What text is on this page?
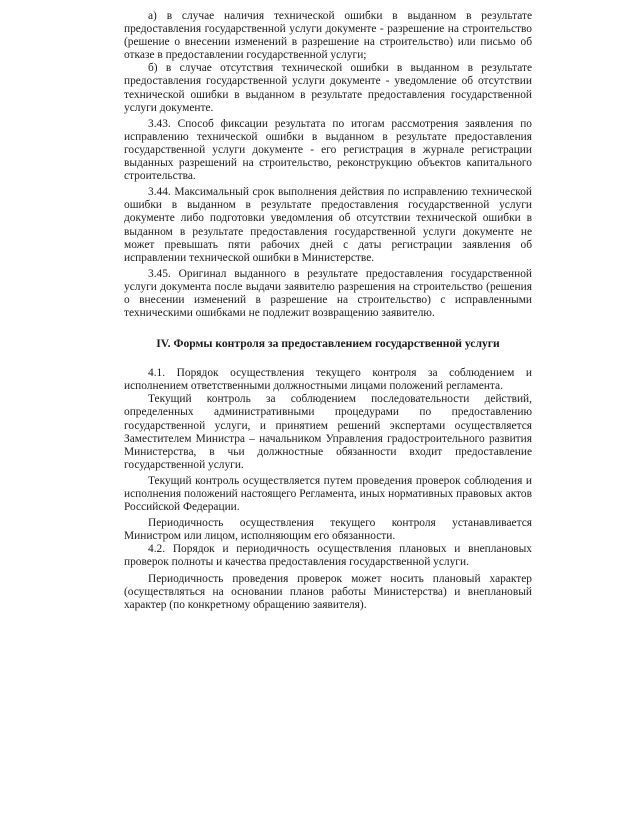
а) в случае наличия технической ошибки в выданном в результате предоставления государственной услуги документе - разрешение на строительство (решение о внесении изменений в разрешение на строительство) или письмо об отказе в предоставлении государственной услуги;

б) в случае отсутствия технической ошибки в выданном в результате предоставления государственной услуги документе - уведомление об отсутствии технической ошибки в выданном в результате предоставления государственной услуги документе.

3.43. Способ фиксации результата по итогам рассмотрения заявления по исправлению технической ошибки в выданном в результате предоставления государственной услуги документе - его регистрация в журнале регистрации выданных разрешений на строительство, реконструкцию объектов капитального строительства.

3.44. Максимальный срок выполнения действия по исправлению технической ошибки в выданном в результате предоставления государственной услуги документе либо подготовки уведомления об отсутствии технической ошибки в выданном в результате предоставления государственной услуги документе не может превышать пяти рабочих дней с даты регистрации заявления об исправлении технической ошибки в Министерстве.

3.45. Оригинал выданного в результате предоставления государственной услуги документа после выдачи заявителю разрешения на строительство (решения о внесении изменений в разрешение на строительство) с исправленными техническими ошибками не подлежит возвращению заявителю.

IV. Формы контроля за предоставлением государственной услуги

4.1. Порядок осуществления текущего контроля за соблюдением и исполнением ответственными должностными лицами положений регламента.

Текущий контроль за соблюдением последовательности действий, определенных административными процедурами по предоставлению государственной услуги, и принятием решений экспертами осуществляется Заместителем Министра – начальником Управления градостроительного развития Министерства, в чьи должностные обязанности входит предоставление государственной услуги.

Текущий контроль осуществляется путем проведения проверок соблюдения и исполнения положений настоящего Регламента, иных нормативных правовых актов Российской Федерации.

Периодичность осуществления текущего контроля устанавливается Министром или лицом, исполняющим его обязанности.

4.2. Порядок и периодичность осуществления плановых и внеплановых проверок полноты и качества предоставления государственной услуги.

Периодичность проведения проверок может носить плановый характер (осуществляться на основании планов работы Министерства) и внеплановый характер (по конкретному обращению заявителя).
